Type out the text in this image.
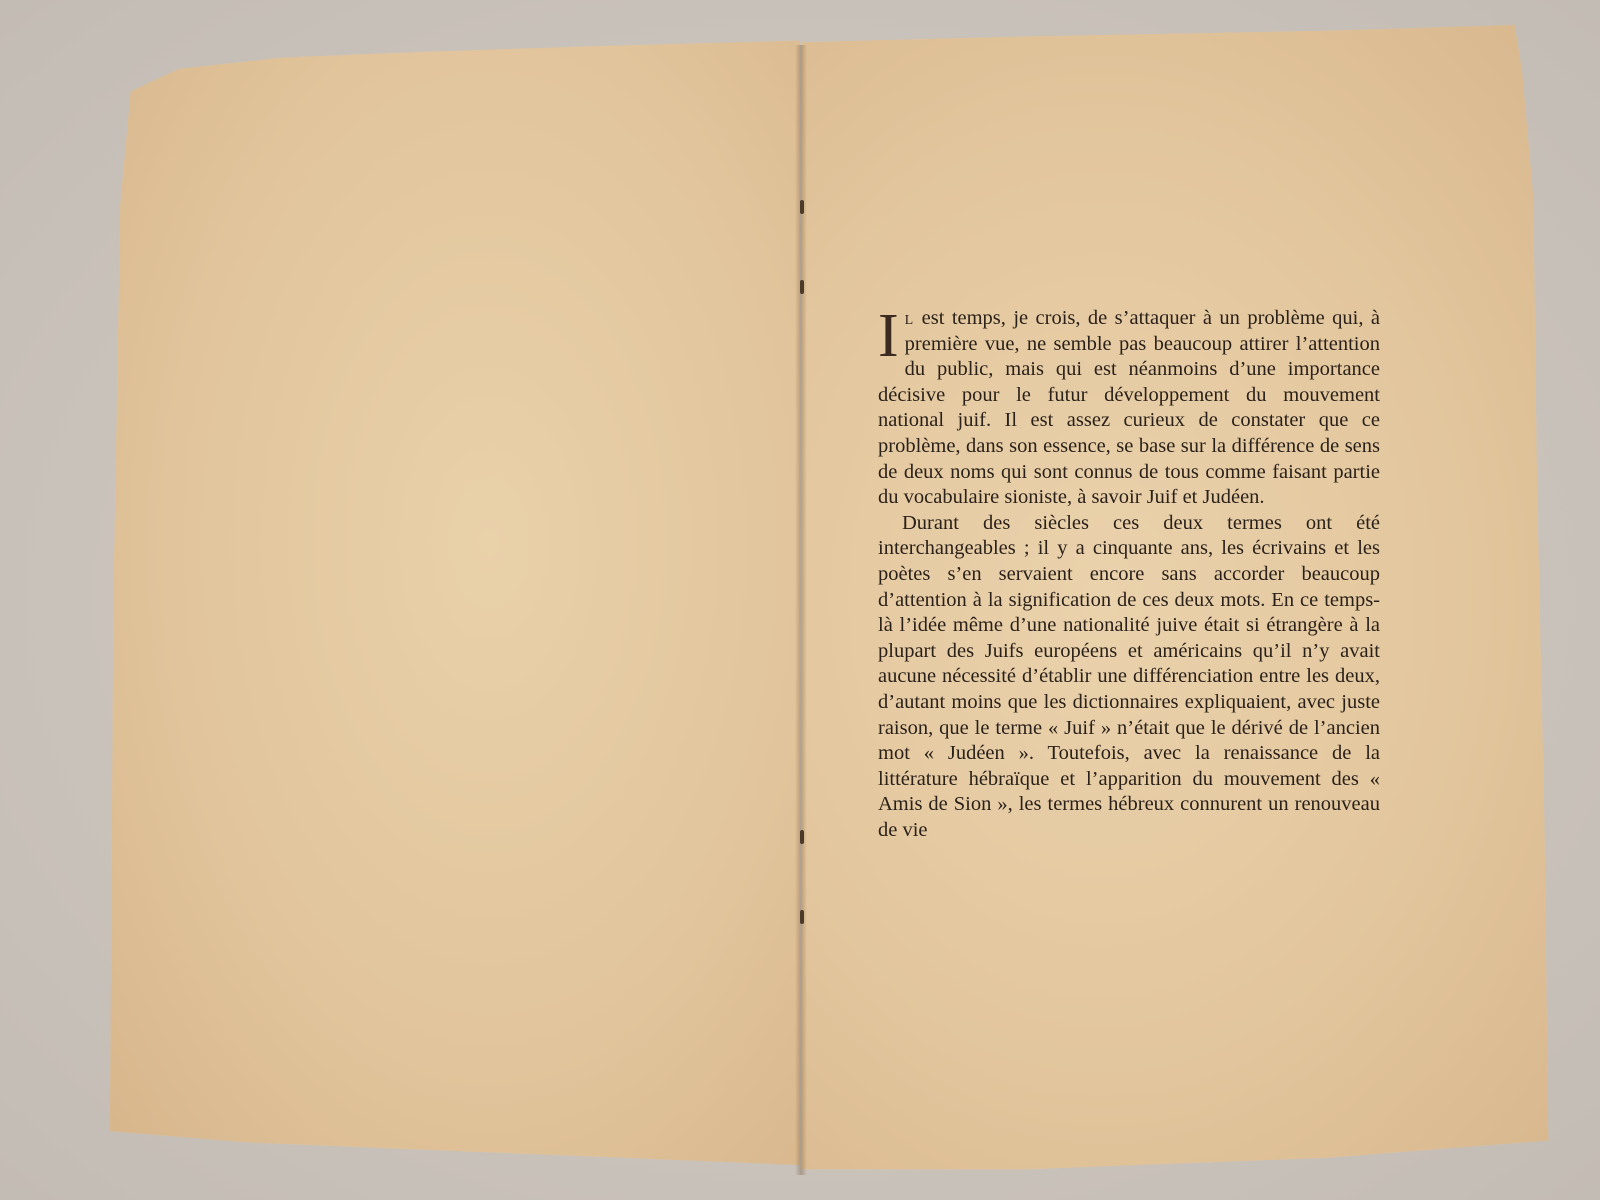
Il est temps, je crois, de s’attaquer à un problème qui, à première vue, ne semble pas beaucoup attirer l’attention du public, mais qui est néanmoins d’une importance décisive pour le futur développement du mouvement national juif. Il est assez curieux de constater que ce problème, dans son essence, se base sur la différence de sens de deux noms qui sont connus de tous comme faisant partie du vocabulaire sioniste, à savoir Juif et Judéen.

Durant des siècles ces deux termes ont été interchangeables ; il y a cinquante ans, les écrivains et les poètes s’en servaient encore sans accorder beaucoup d’attention à la signification de ces deux mots. En ce temps-là l’idée même d’une nationalité juive était si étrangère à la plupart des Juifs européens et américains qu’il n’y avait aucune nécessité d’établir une différenciation entre les deux, d’autant moins que les dictionnaires expliquaient, avec juste raison, que le terme « Juif » n’était que le dérivé de l’ancien mot « Judéen ». Toutefois, avec la renaissance de la littérature hébraïque et l’apparition du mouvement des « Amis de Sion », les termes hébreux connurent un renouveau de vie
